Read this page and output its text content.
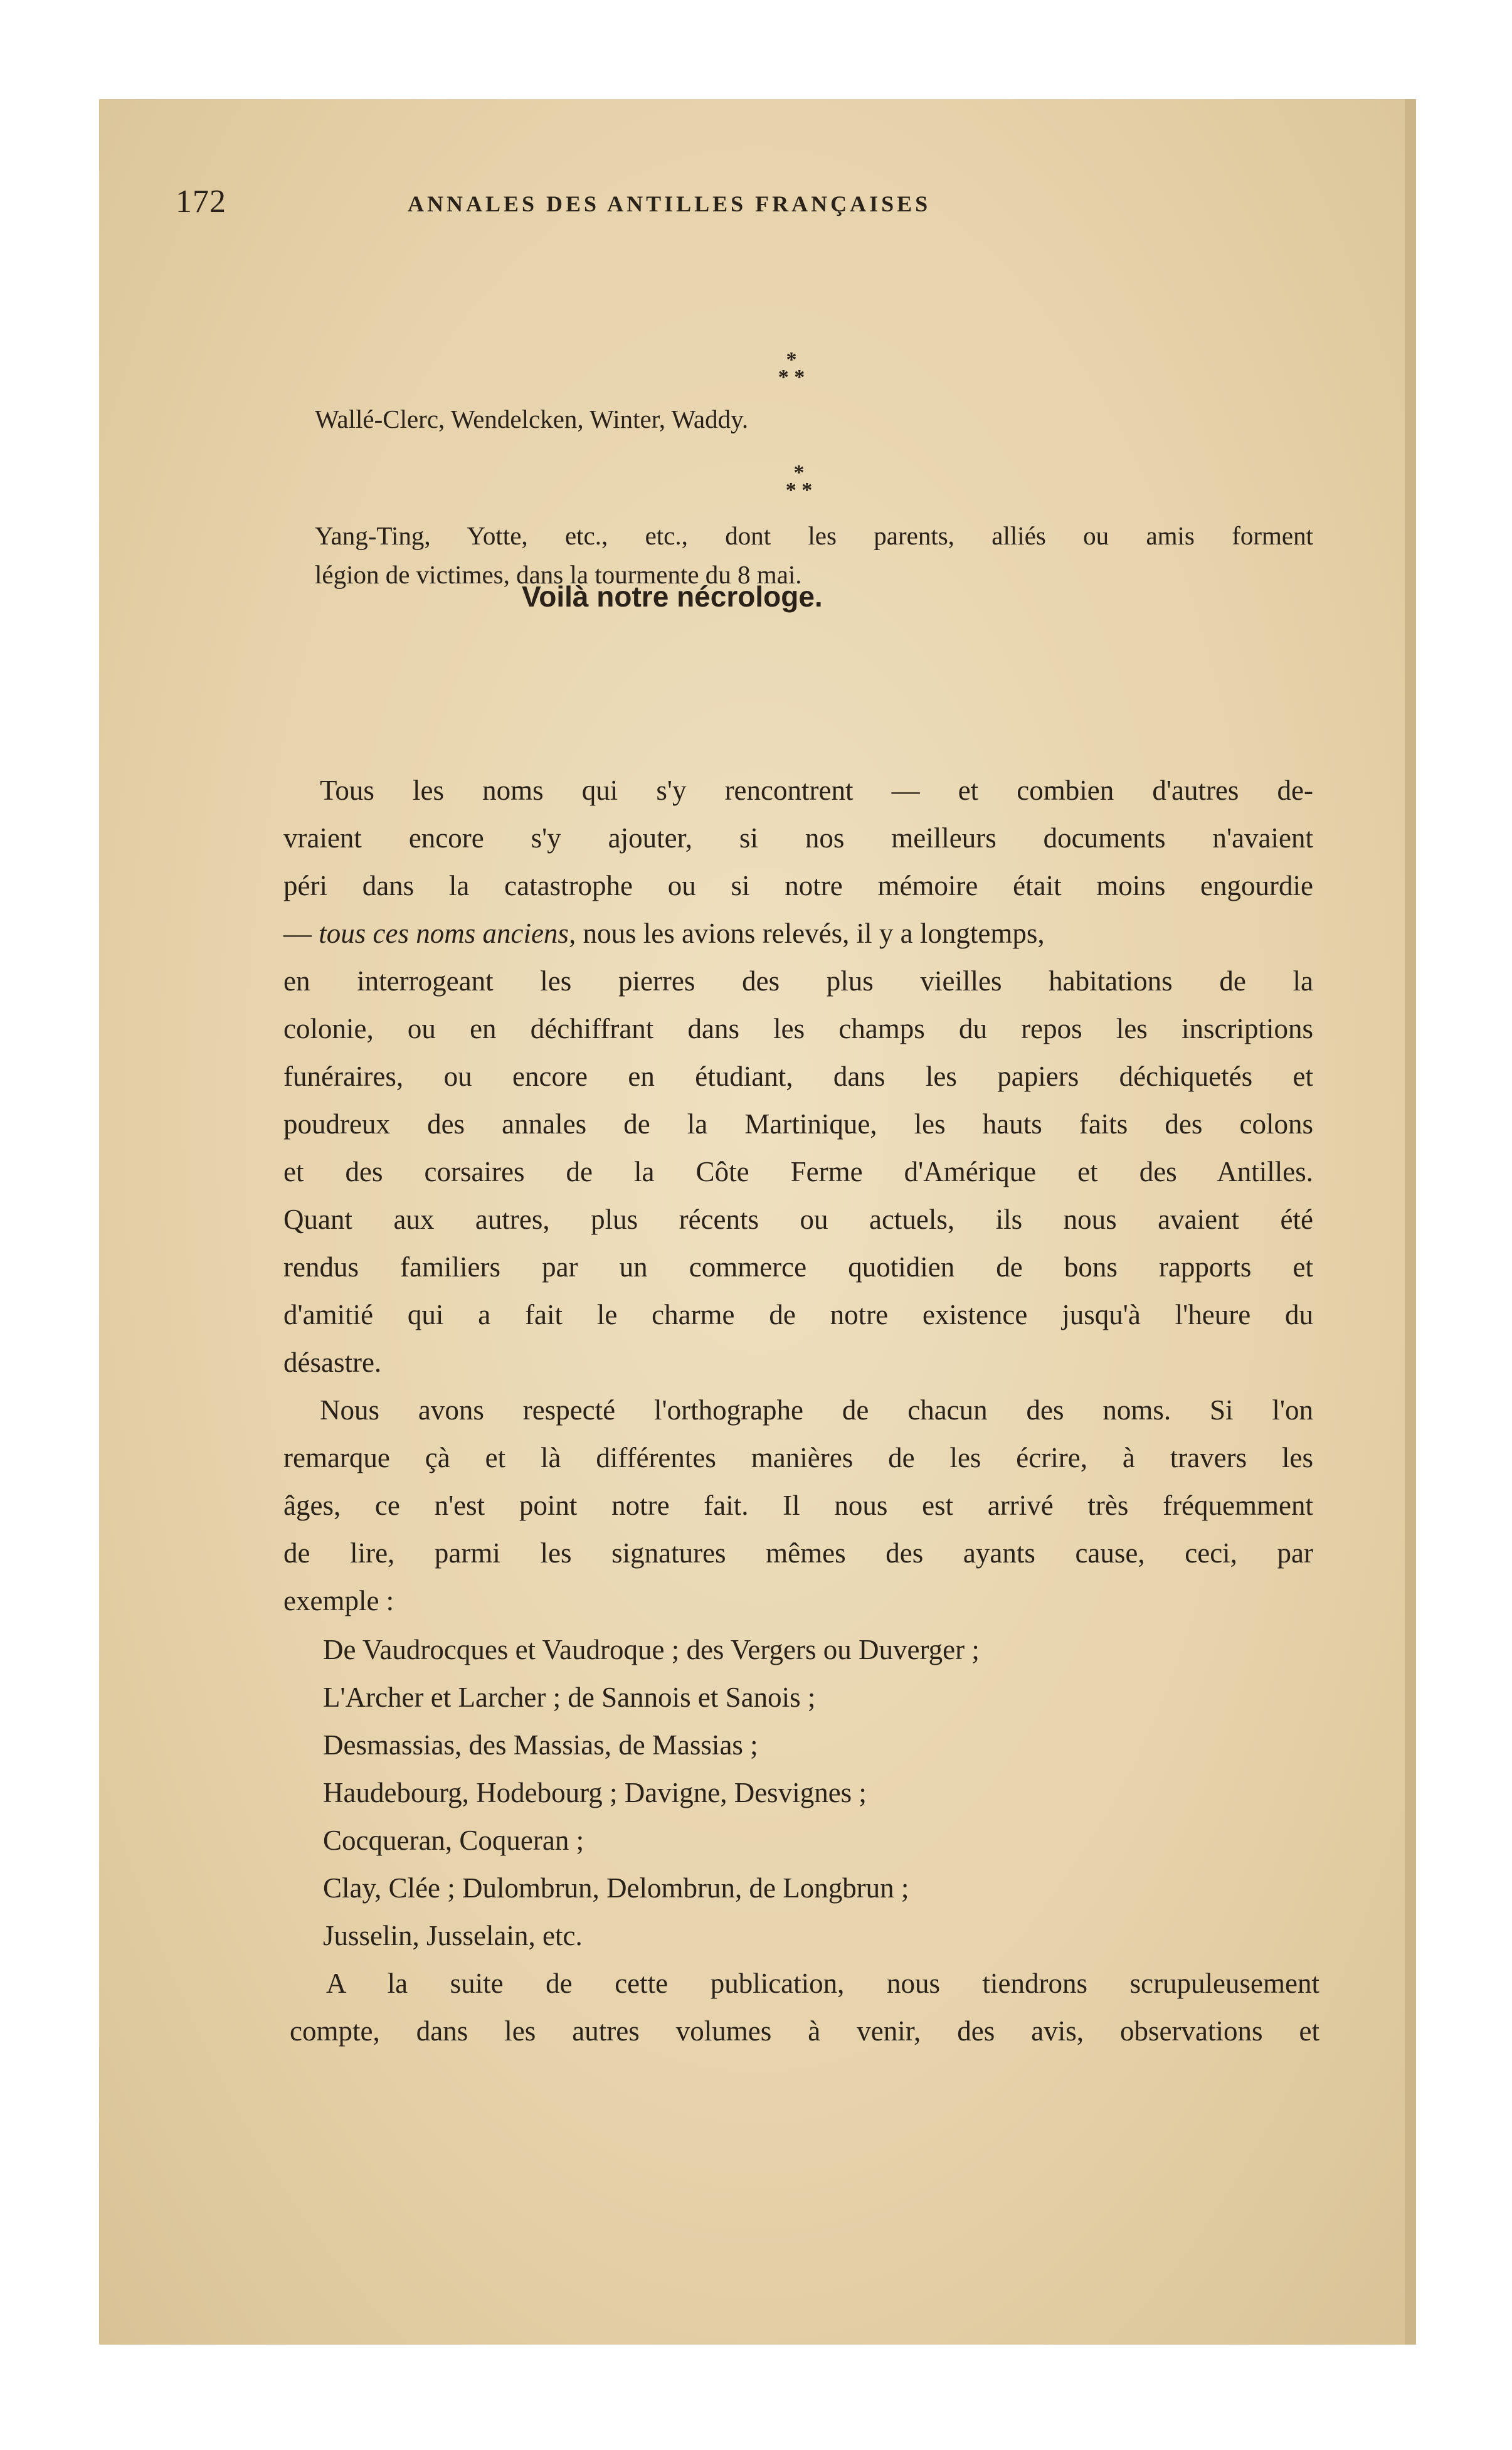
172	ANNALES DES ANTILLES FRANÇAISES
*
* *
Wallé-Clerc, Wendelcken, Winter, Waddy.
*
* *
Yang-Ting, Yotte, etc., etc., dont les parents, alliés ou amis forment
légion de victimes, dans la tourmente du 8 mai.
Voilà notre nécrologe.
Tous les noms qui s'y rencontrent — et combien d'autres de-
vraient encore s'y ajouter, si nos meilleurs documents n'avaient
péri dans la catastrophe ou si notre mémoire était moins engourdie
— tous ces noms anciens, nous les avions relevés, il y a longtemps,
en interrogeant les pierres des plus vieilles habitations de la
colonie, ou en déchiffrant dans les champs du repos les inscriptions
funéraires, ou encore en étudiant, dans les papiers déchiquetés et
poudreux des annales de la Martinique, les hauts faits des colons
et des corsaires de la Côte Ferme d'Amérique et des Antilles.
Quant aux autres, plus récents ou actuels, ils nous avaient été
rendus familiers par un commerce quotidien de bons rapports et
d'amitié qui a fait le charme de notre existence jusqu'à l'heure du
désastre.
Nous avons respecté l'orthographe de chacun des noms. Si l'on
remarque çà et là différentes manières de les écrire, à travers les
âges, ce n'est point notre fait. Il nous est arrivé très fréquemment
de lire, parmi les signatures mêmes des ayants cause, ceci, par
exemple :
De Vaudrocques et Vaudroque ; des Vergers ou Duverger ;
L'Archer et Larcher ; de Sannois et Sanois ;
Desmassias, des Massias, de Massias ;
Haudebourg, Hodebourg ; Davigne, Desvignes ;
Cocqueran, Coqueran ;
Clay, Clée ; Dulombrun, Delombrun, de Longbrun ;
Jusselin, Jusselain, etc.
A la suite de cette publication, nous tiendrons scrupuleusement
compte, dans les autres volumes à venir, des avis, observations et
